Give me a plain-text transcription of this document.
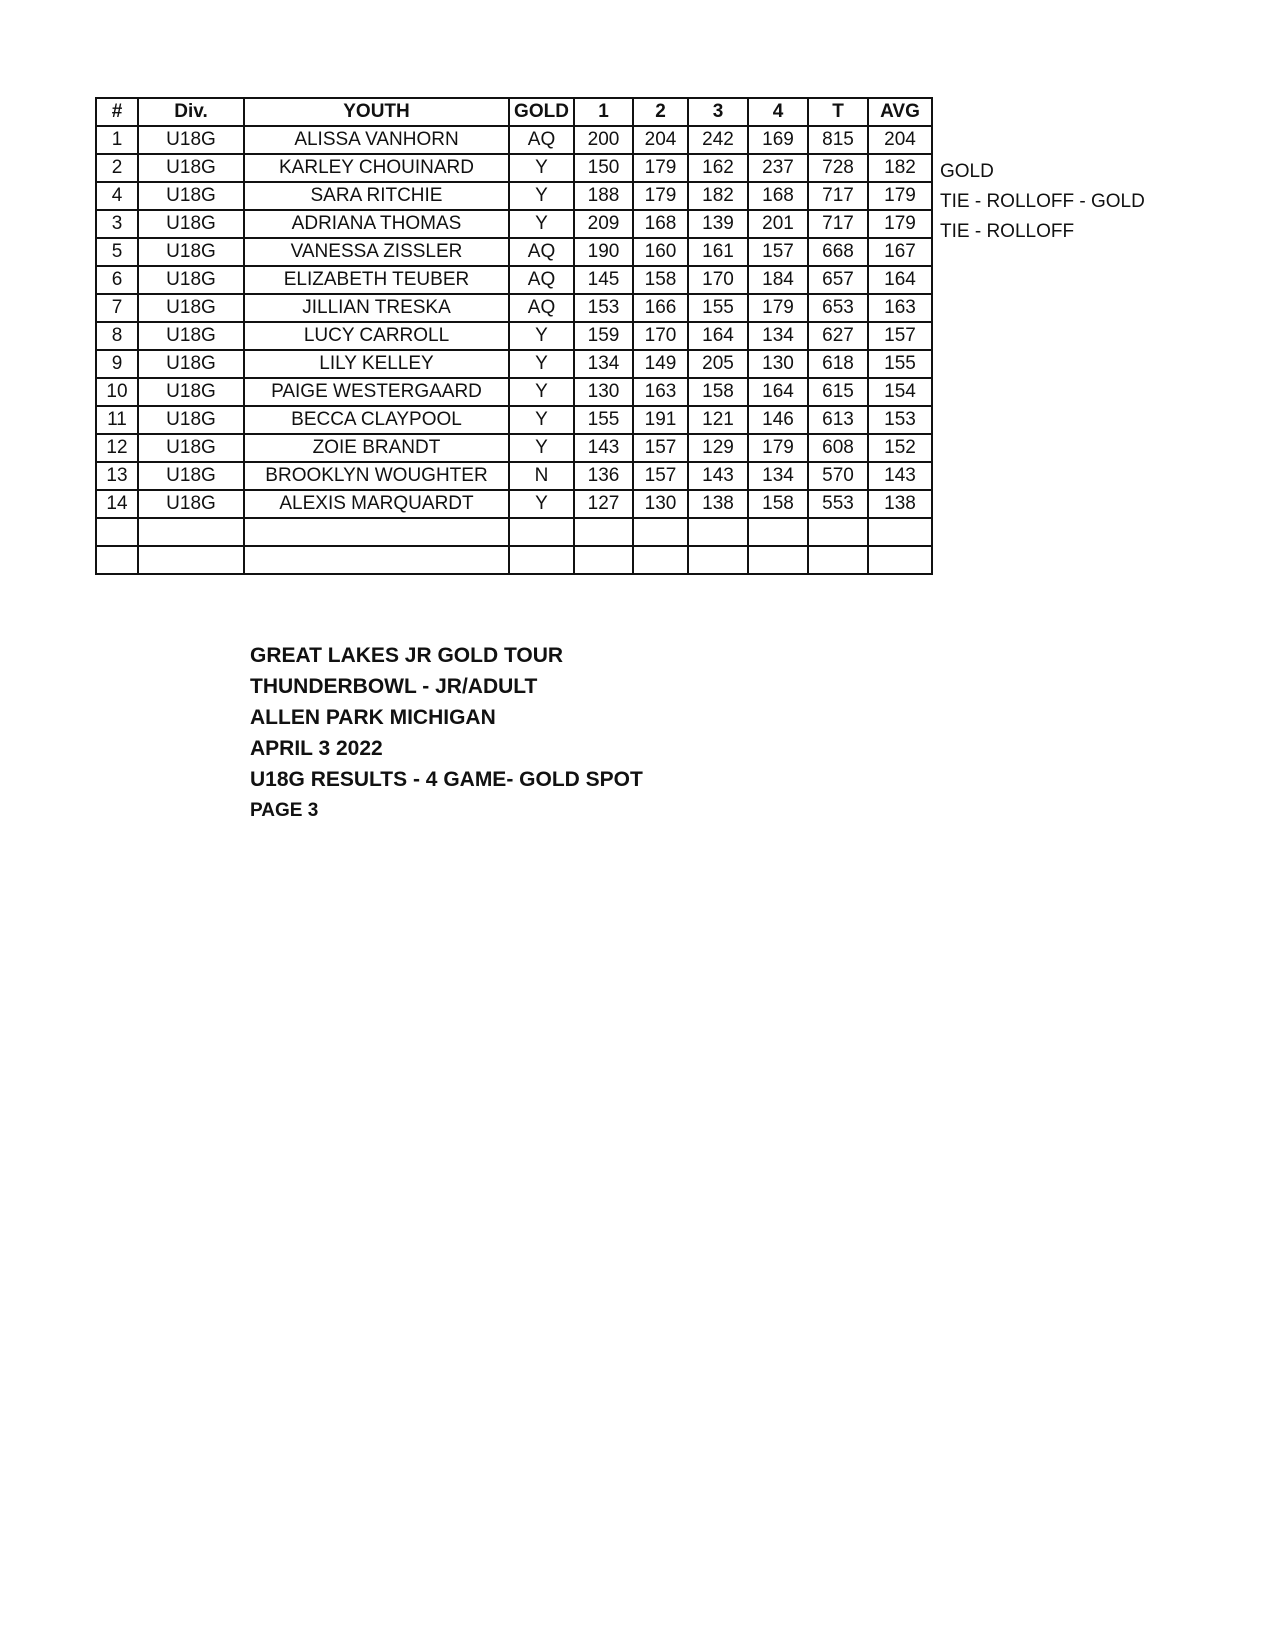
#	Div.	YOUTH	GOLD	1	2	3	4	T	AVG
1	U18G	ALISSA VANHORN	AQ	200	204	242	169	815	204
2	U18G	KARLEY CHOUINARD	Y	150	179	162	237	728	182
4	U18G	SARA RITCHIE	Y	188	179	182	168	717	179
3	U18G	ADRIANA THOMAS	Y	209	168	139	201	717	179
5	U18G	VANESSA ZISSLER	AQ	190	160	161	157	668	167
6	U18G	ELIZABETH TEUBER	AQ	145	158	170	184	657	164
7	U18G	JILLIAN TRESKA	AQ	153	166	155	179	653	163
8	U18G	LUCY CARROLL	Y	159	170	164	134	627	157
9	U18G	LILY KELLEY	Y	134	149	205	130	618	155
10	U18G	PAIGE WESTERGAARD	Y	130	163	158	164	615	154
11	U18G	BECCA CLAYPOOL	Y	155	191	121	146	613	153
12	U18G	ZOIE BRANDT	Y	143	157	129	179	608	152
13	U18G	BROOKLYN WOUGHTER	N	136	157	143	134	570	143
14	U18G	ALEXIS MARQUARDT	Y	127	130	138	158	553	138

GOLD
TIE - ROLLOFF - GOLD
TIE - ROLLOFF
GREAT LAKES JR GOLD TOUR
THUNDERBOWL - JR/ADULT
ALLEN PARK MICHIGAN
APRIL 3 2022
U18G RESULTS - 4 GAME- GOLD SPOT
PAGE 3
